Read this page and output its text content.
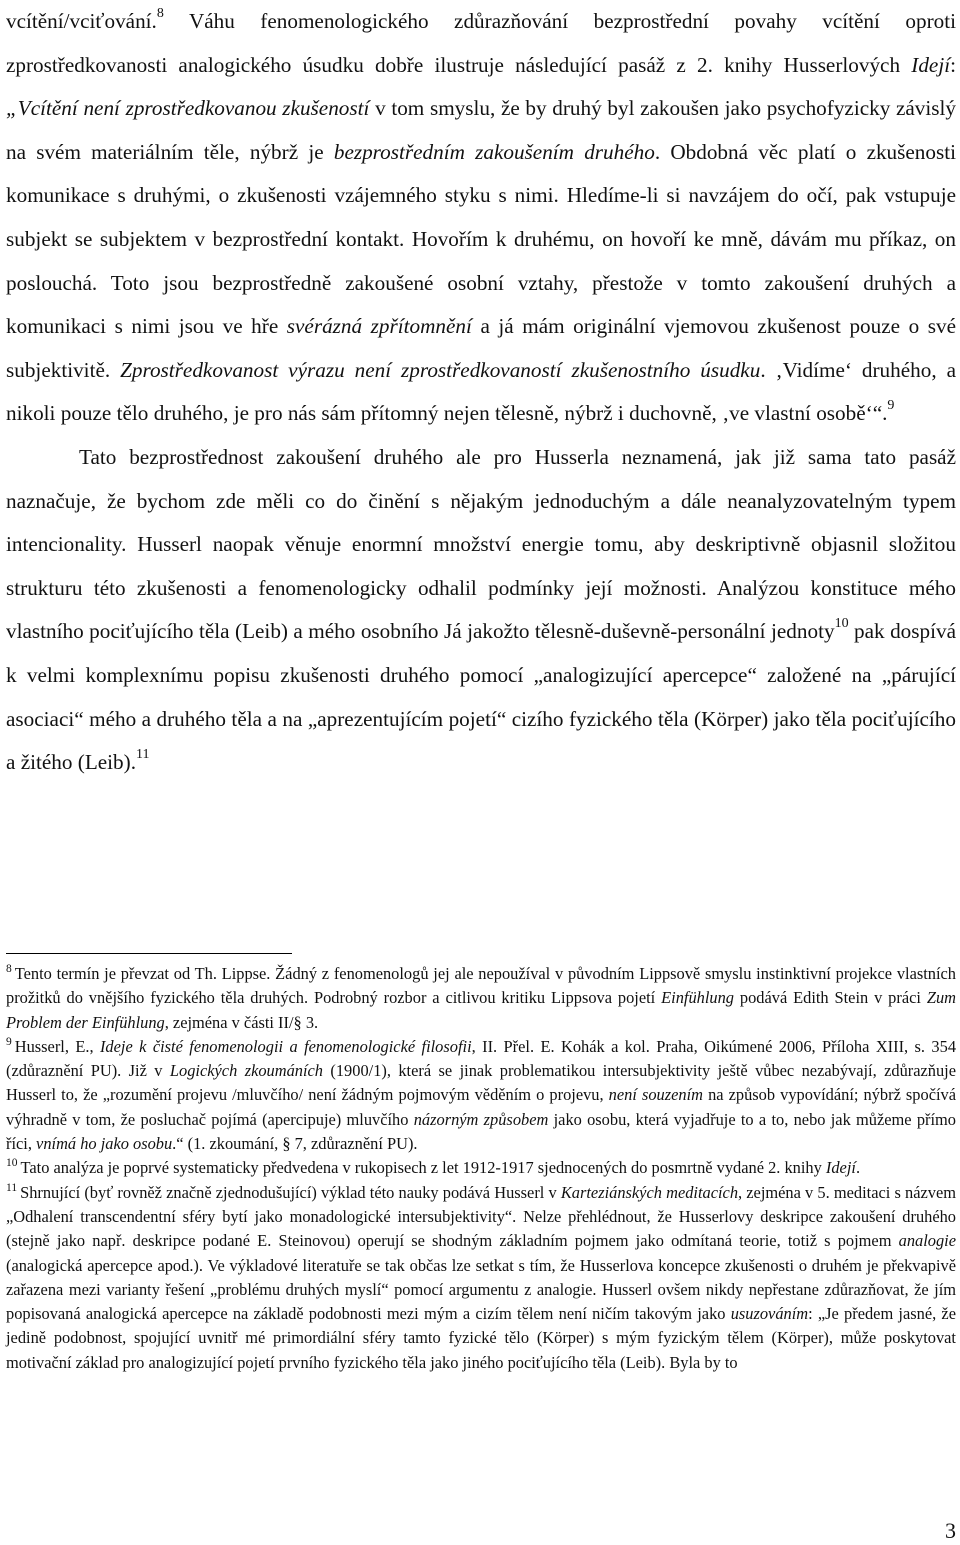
vcítění/vciťování.$^8$ Váhu fenomenologického zdůrazňování bezprostřední povahy vcítění oproti zprostředkovanosti analogického úsudku dobře ilustruje následující pasáž z 2. knihy Husserlových Idejí: „Vcítění není zprostředkovanou zkušeností v tom smyslu, že by druhý byl zakoušen jako psychofyzicky závislý na svém materiálním těle, nýbrž je bezprostředním zakoušením druhého. Obdobná věc platí o zkušenosti komunikace s druhými, o zkušenosti vzájemného styku s nimi. Hledíme-li si navzájem do očí, pak vstupuje subjekt se subjektem v bezprostřední kontakt. Hovořím k druhému, on hovoří ke mně, dávám mu příkaz, on poslouchá. Toto jsou bezprostředně zakoušené osobní vztahy, přestože v tomto zakoušení druhých a komunikaci s nimi jsou ve hře svérázná zpřítomnění a já mám originální vjemovou zkušenost pouze o své subjektivitě. Zprostředkovanost výrazu není zprostředkovaností zkušenostního úsudku. ‚Vidíme‘ druhého, a nikoli pouze tělo druhého, je pro nás sám přítomný nejen tělesně, nýbrž i duchovně, ‚ve vlastní osobě‘“.$^9$

Tato bezprostřednost zakoušení druhého ale pro Husserla neznamená, jak již sama tato pasáž naznačuje, že bychom zde měli co do činění s nějakým jednoduchým a dále neanalyzovatelným typem intencionality. Husserl naopak věnuje enormní množství energie tomu, aby deskriptivně objasnil složitou strukturu této zkušenosti a fenomenologicky odhalil podmínky její možnosti. Analýzou konstituce mého vlastního pociťujícího těla (Leib) a mého osobního Já jakožto tělesně-duševně-personální jednoty$^{10}$ pak dospívá k velmi komplexnímu popisu zkušenosti druhého pomocí „analogizující apercepce“ založené na „párující asociaci“ mého a druhého těla a na „aprezentujícím pojetí“ cizího fyzického těla (Körper) jako těla pociťujícího a žitého (Leib).$^{11}$

$^8$ Tento termín je převzat od Th. Lippse. Žádný z fenomenologů jej ale nepoužíval v původním Lippsově smyslu instinktivní projekce vlastních prožitků do vnějšího fyzického těla druhých. Podrobný rozbor a citlivou kritiku Lippsova pojetí Einfühlung podává Edith Stein v práci Zum Problem der Einfühlung, zejména v části II/§ 3.

$^9$ Husserl, E., Ideje k čisté fenomenologii a fenomenologické filosofii, II. Přel. E. Kohák a kol. Praha, Oikúmené 2006, Příloha XIII, s. 354 (zdůraznění PU). Již v Logických zkoumáních (1900/1), která se jinak problematikou intersubjektivity ještě vůbec nezabývají, zdůrazňuje Husserl to, že „rozumění projevu /mluvčího/ není žádným pojmovým věděním o projevu, není souzením na způsob vypovídání; nýbrž spočívá výhradně v tom, že posluchač pojímá (apercipuje) mluvčího názorným způsobem jako osobu, která vyjadřuje to a to, nebo jak můžeme přímo říci, vnímá ho jako osobu.“ (1. zkoumání, § 7, zdůraznění PU).

$^{10}$ Tato analýza je poprvé systematicky předvedena v rukopisech z let 1912-1917 sjednocených do posmrtně vydané 2. knihy Idejí.

$^{11}$ Shrnující (byť rovněž značně zjednodušující) výklad této nauky podává Husserl v Karteziánských meditacích, zejména v 5. meditaci s názvem „Odhalení transcendentní sféry bytí jako monadologické intersubjektivity“. Nelze přehlédnout, že Husserlovy deskripce zakoušení druhého (stejně jako např. deskripce podané E. Steinovou) operují se shodným základním pojmem jako odmítaná teorie, totiž s pojmem analogie (analogická apercepce apod.). Ve výkladové literatuře se tak občas lze setkat s tím, že Husserlova koncepce zkušenosti o druhém je překvapivě zařazena mezi varianty řešení „problému druhých myslí“ pomocí argumentu z analogie. Husserl ovšem nikdy nepřestane zdůrazňovat, že jím popisovaná analogická apercepce na základě podobnosti mezi mým a cizím tělem není ničím takovým jako usuzováním: „Je předem jasné, že jedině podobnost, spojující uvnitř mé primordiální sféry tamto fyzické tělo (Körper) s mým fyzickým tělem (Körper), může poskytovat motivační základ pro analogizující pojetí prvního fyzického těla jako jiného pociťujícího těla (Leib). Byla by to

3
